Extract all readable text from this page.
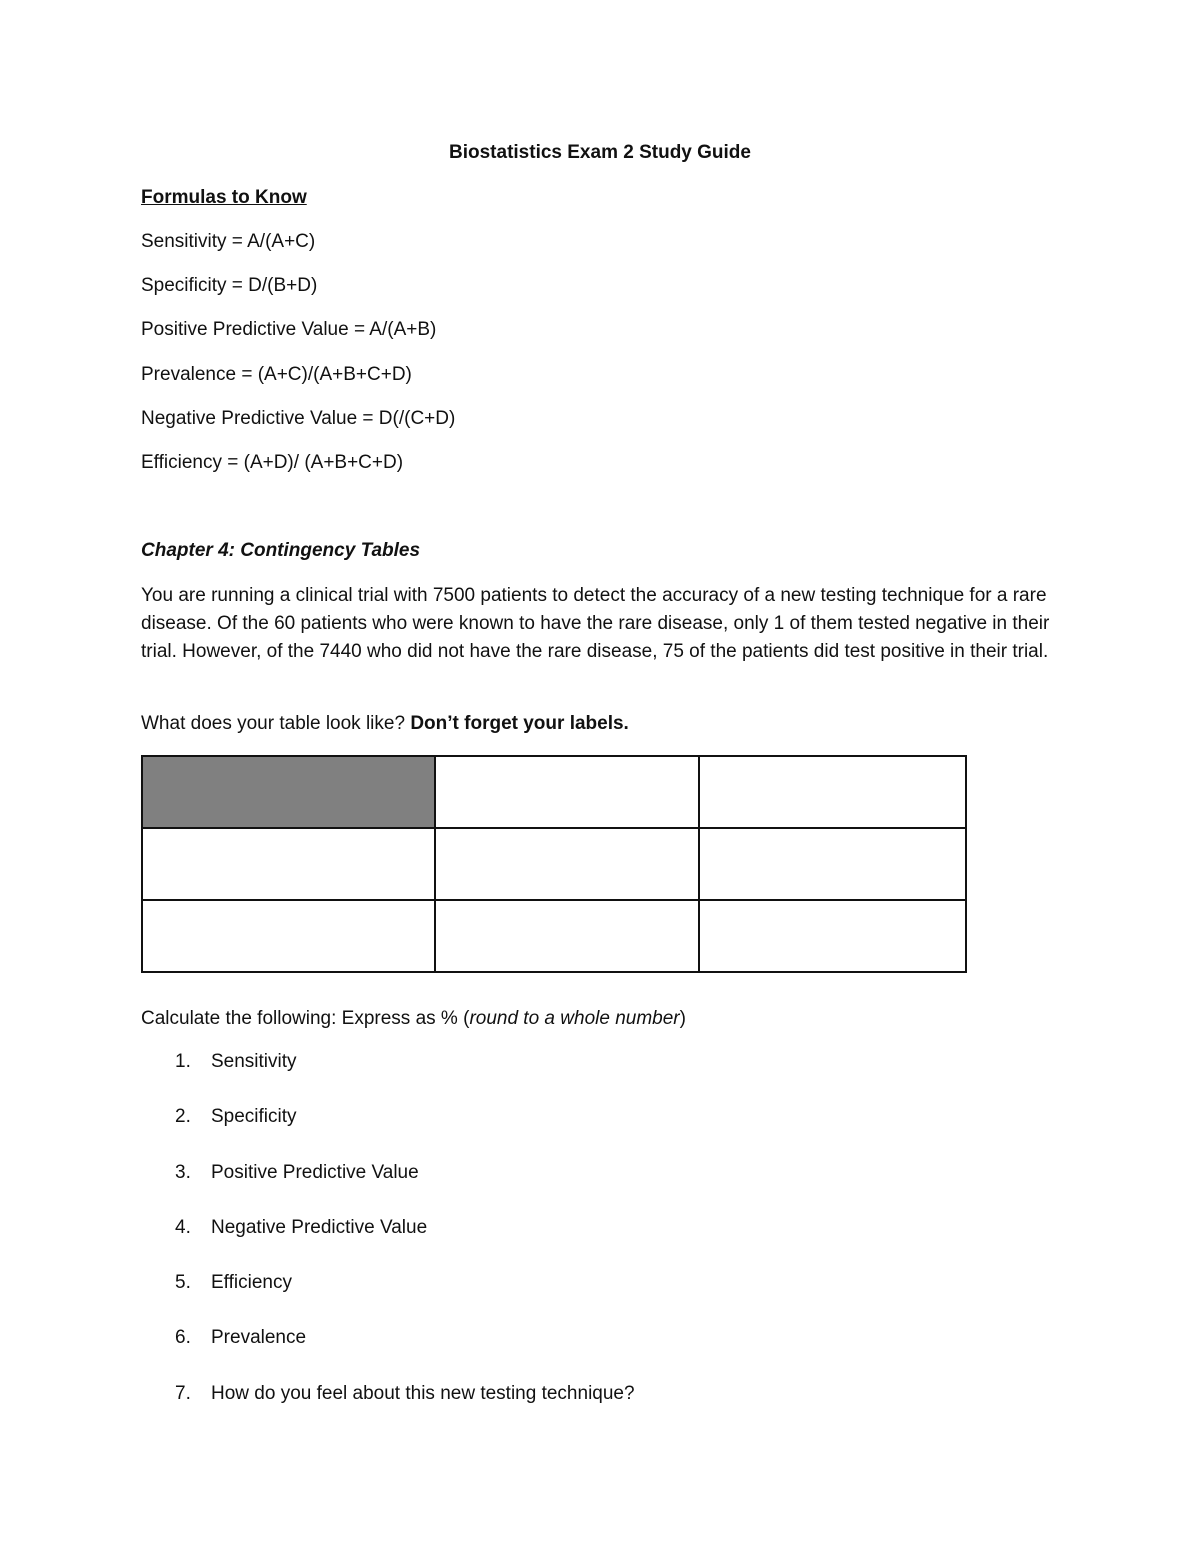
Biostatistics Exam 2 Study Guide
Formulas to Know
Sensitivity = A/(A+C)
Specificity = D/(B+D)
Positive Predictive Value = A/(A+B)
Prevalence = (A+C)/(A+B+C+D)
Negative Predictive Value = D(/(C+D)
Efficiency = (A+D)/ (A+B+C+D)
Chapter 4: Contingency Tables
You are running a clinical trial with 7500 patients to detect the accuracy of a new testing technique for a rare disease. Of the 60 patients who were known to have the rare disease, only 1 of them tested negative in their trial. However, of the 7440 who did not have the rare disease, 75 of the patients did test positive in their trial.
What does your table look like? Don’t forget your labels.

Calculate the following: Express as % (round to a whole number)
1. Sensitivity
2. Specificity
3. Positive Predictive Value
4. Negative Predictive Value
5. Efficiency
6. Prevalence
7. How do you feel about this new testing technique?
